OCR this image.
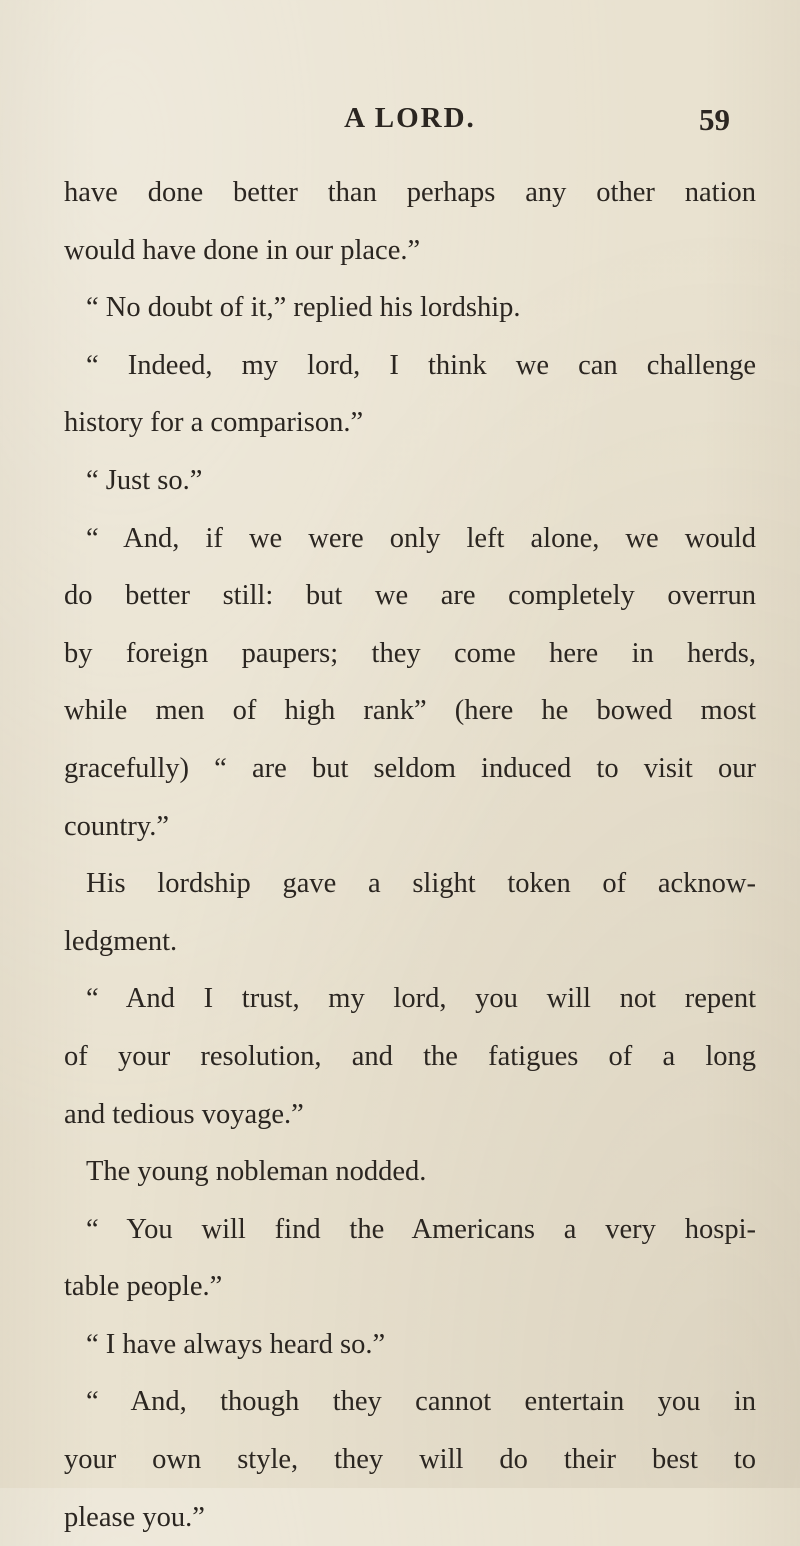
A LORD.	59
have done better than perhaps any other nation
would have done in our place.”
“ No doubt of it,” replied his lordship.
“ Indeed, my lord, I think we can challenge
history for a comparison.”
“ Just so.”
“ And, if we were only left alone, we would
do better still: but we are completely overrun
by foreign paupers; they come here in herds,
while men of high rank” (here he bowed most
gracefully) “ are but seldom induced to visit our
country.”
His lordship gave a slight token of acknow-
ledgment.
“ And I trust, my lord, you will not repent
of your resolution, and the fatigues of a long
and tedious voyage.”
The young nobleman nodded.
“ You will find the Americans a very hospi-
table people.”
“ I have always heard so.”
“ And, though they cannot entertain you in
your own style, they will do their best to
please you.”
